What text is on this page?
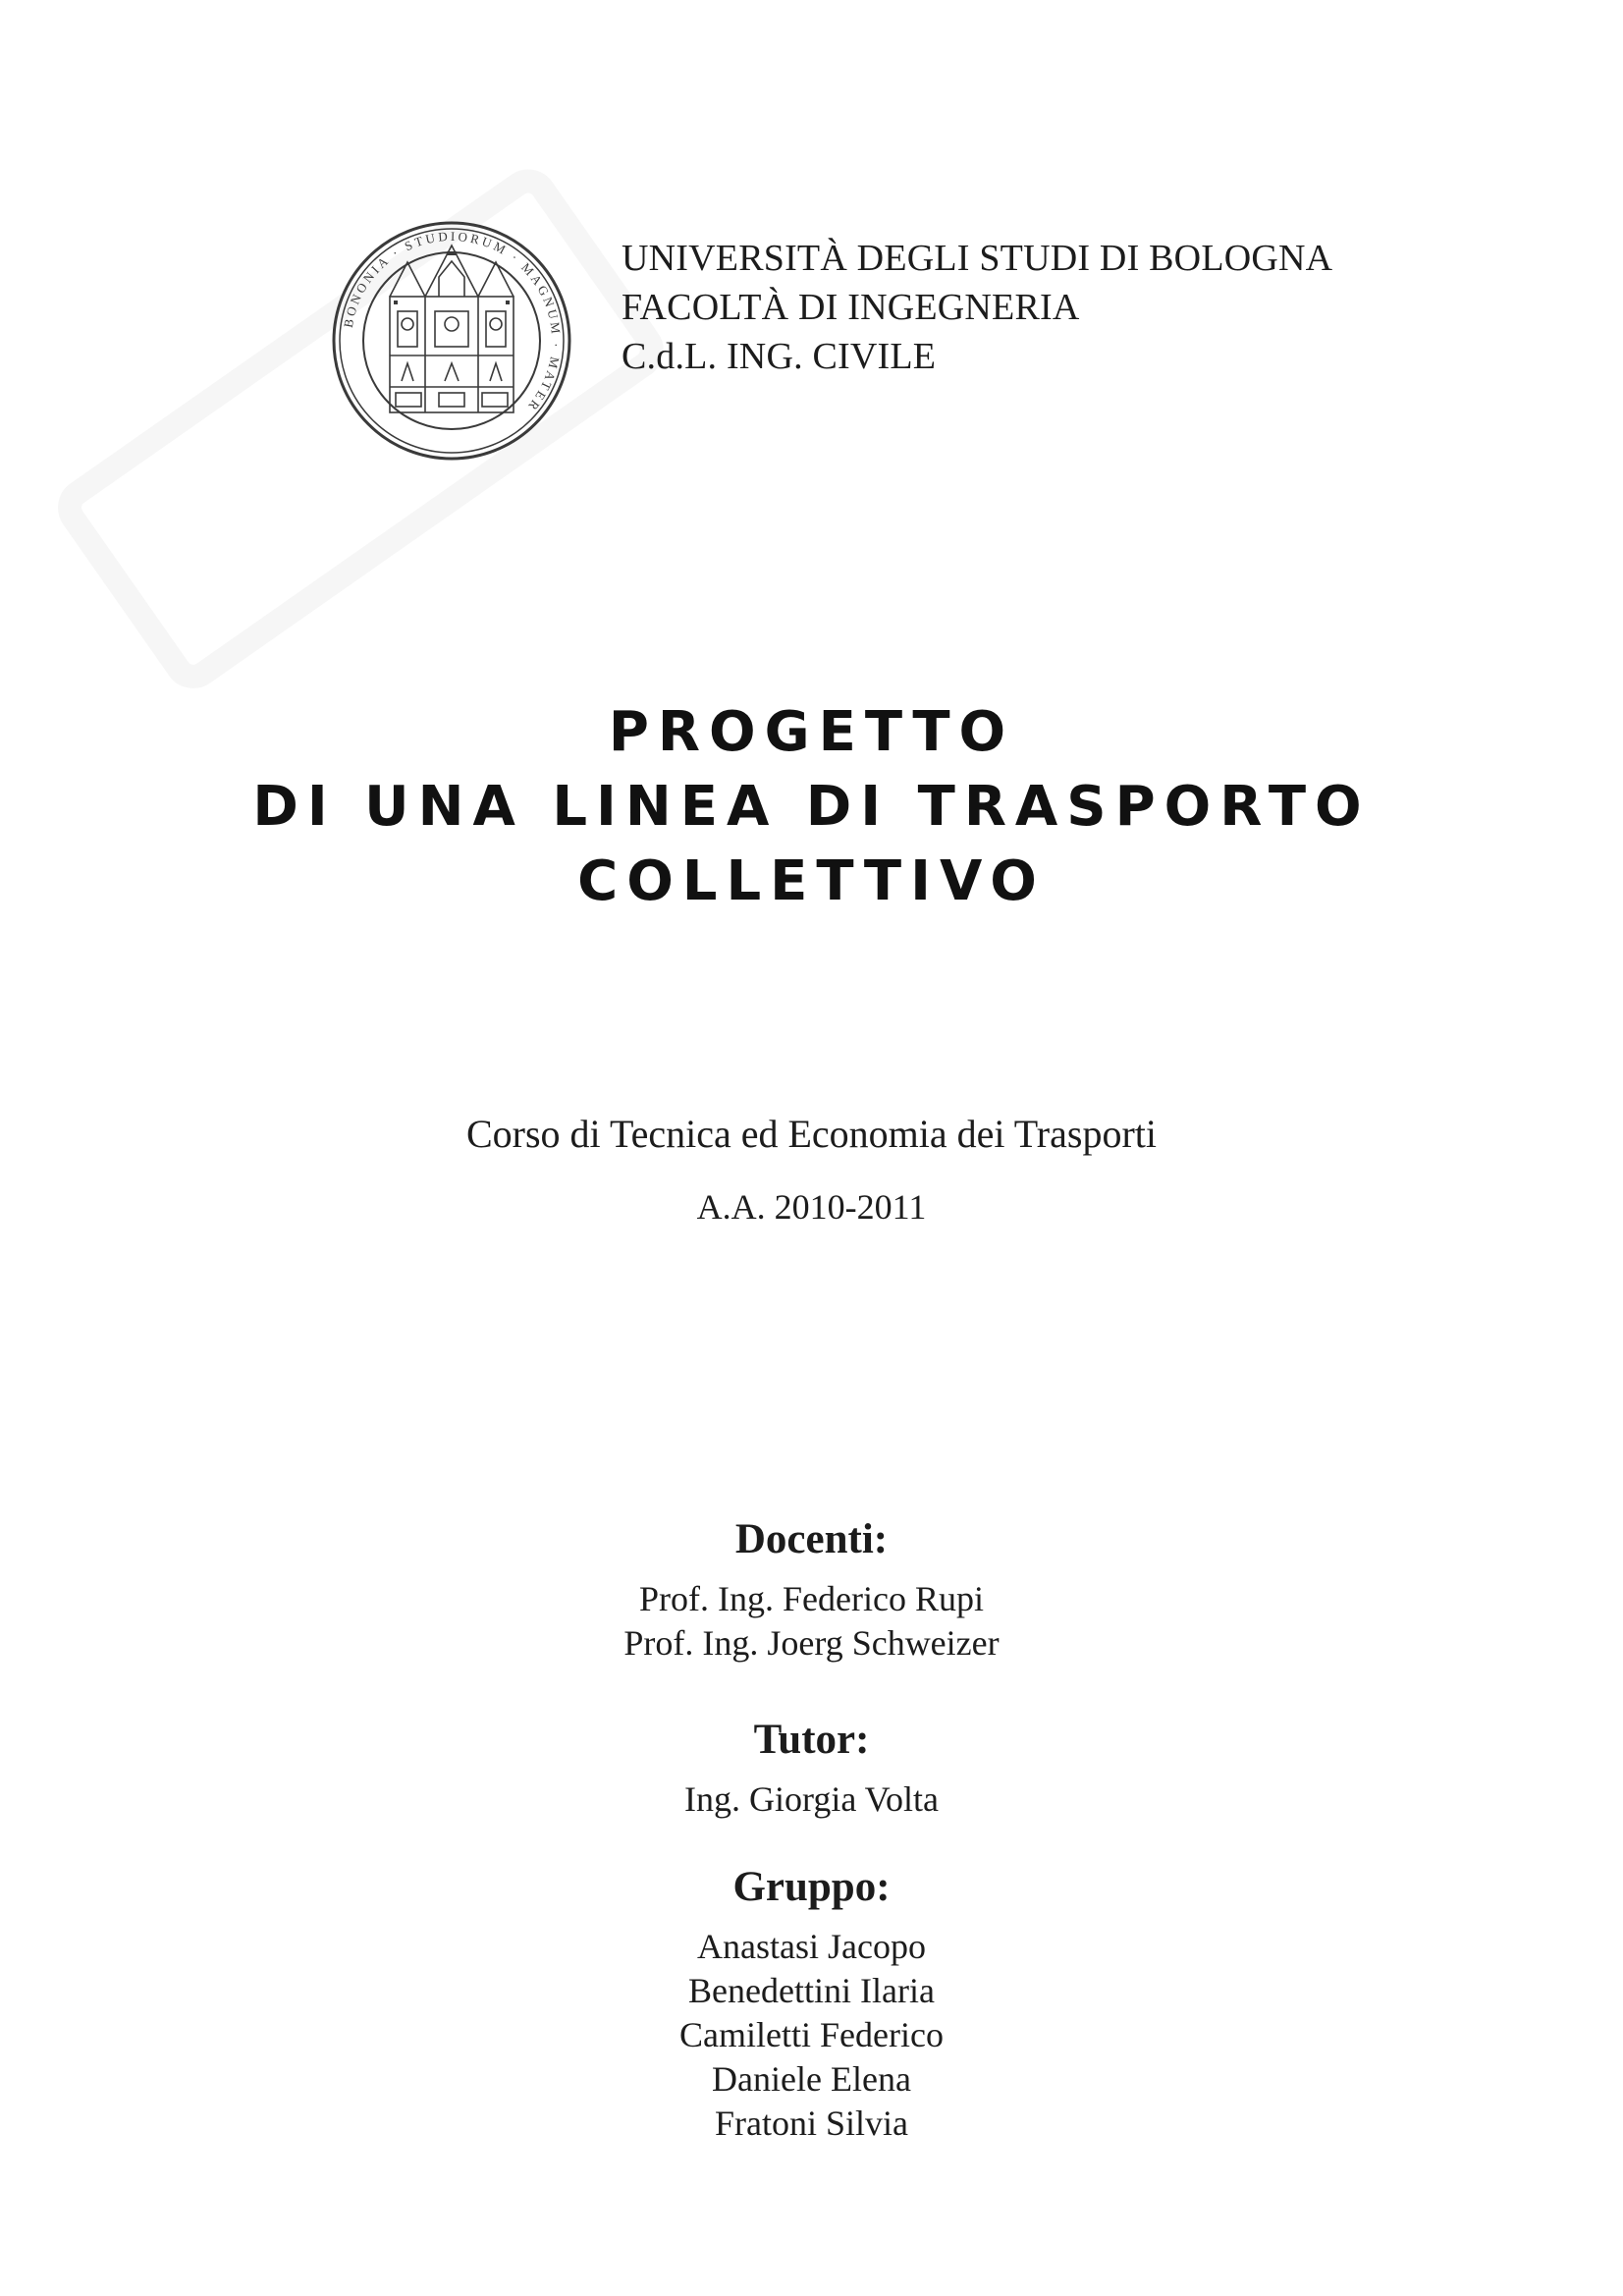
BONONIA · STUDIORUM · MAGNUM · MATER
UNIVERSITÀ DEGLI STUDI DI BOLOGNA
FACOLTÀ DI INGEGNERIA
C.d.L. ING. CIVILE
PROGETTO
DI UNA LINEA DI TRASPORTO
COLLETTIVO
Corso di Tecnica ed Economia dei Trasporti
A.A. 2010-2011
Docenti:
Prof. Ing. Federico Rupi
Prof. Ing. Joerg Schweizer
Tutor:
Ing. Giorgia Volta
Gruppo:
Anastasi Jacopo
Benedettini Ilaria
Camiletti Federico
Daniele Elena
Fratoni Silvia
